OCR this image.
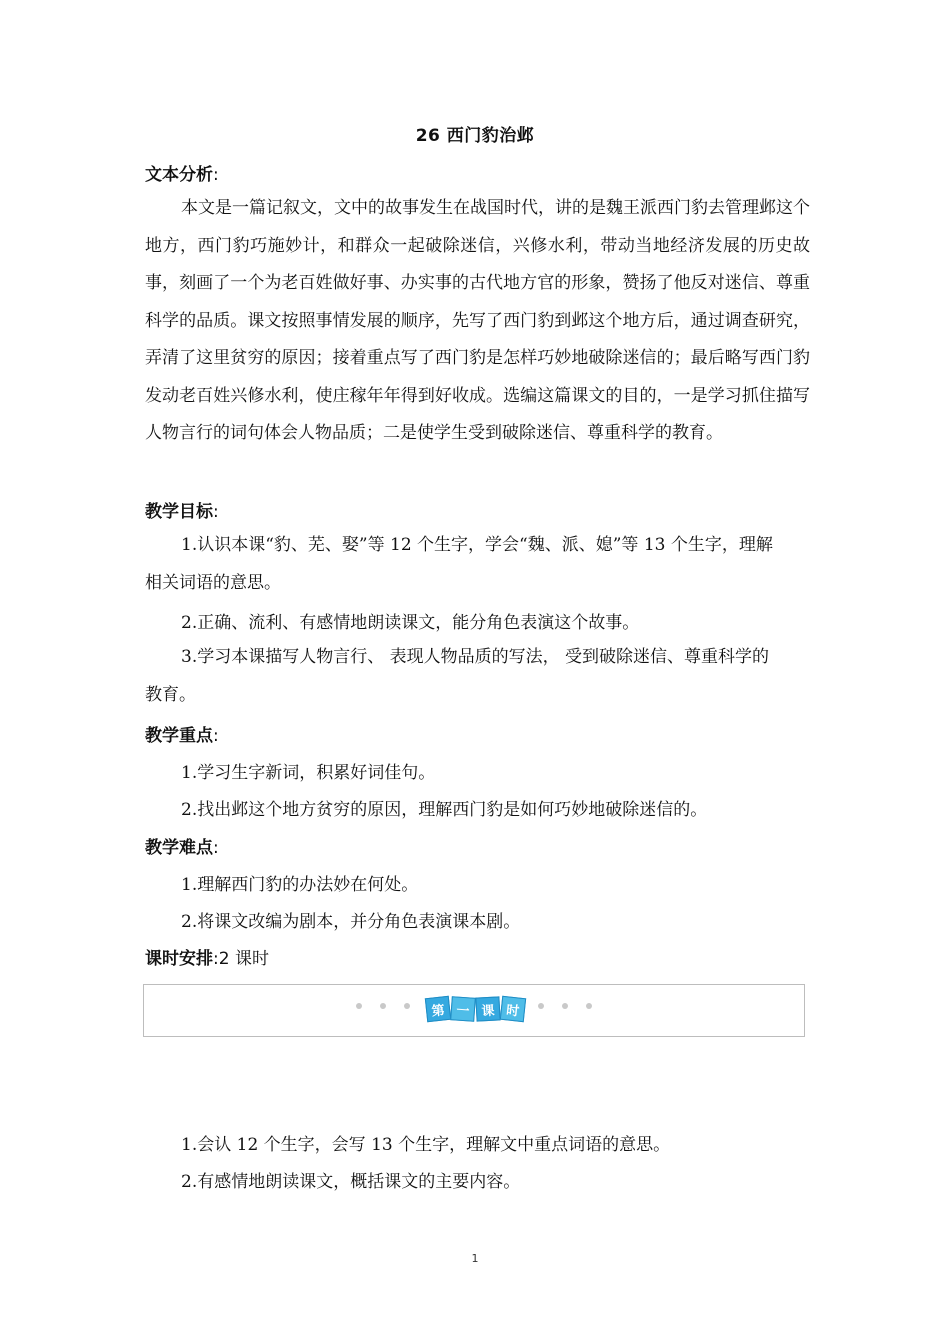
26 西门豹治邺
文本分析:

本文是一篇记叙文，文中的故事发生在战国时代，讲的是魏王派西门豹去管理邺这个地方，西门豹巧施妙计，和群众一起破除迷信，兴修水利，带动当地经济发展的历史故事，刻画了一个为老百姓做好事、办实事的古代地方官的形象，赞扬了他反对迷信、尊重科学的品质。课文按照事情发展的顺序，先写了西门豹到邺这个地方后，通过调查研究，弄清了这里贫穷的原因；接着重点写了西门豹是怎样巧妙地破除迷信的；最后略写西门豹发动老百姓兴修水利，使庄稼年年得到好收成。选编这篇课文的目的，一是学习抓住描写人物言行的词句体会人物品质；二是使学生受到破除迷信、尊重科学的教育。

教学目标:
1.认识本课“豹、芜、娶”等 12 个生字，学会“魏、派、媳”等 13 个生字，理解相关词语的意思。
2.正确、流利、有感情地朗读课文，能分角色表演这个故事。
3.学习本课描写人物言行、 表现人物品质的写法， 受到破除迷信、尊重科学的教育。
教学重点:
1.学习生字新词，积累好词佳句。
2.找出邺这个地方贫穷的原因，理解西门豹是如何巧妙地破除迷信的。
教学难点:
1.理解西门豹的办法妙在何处。
2.将课文改编为剧本，并分角色表演课本剧。
课时安排:2 课时
第 一 课 时
1.会认 12 个生字，会写 13 个生字，理解文中重点词语的意思。
2.有感情地朗读课文，概括课文的主要内容。
1
